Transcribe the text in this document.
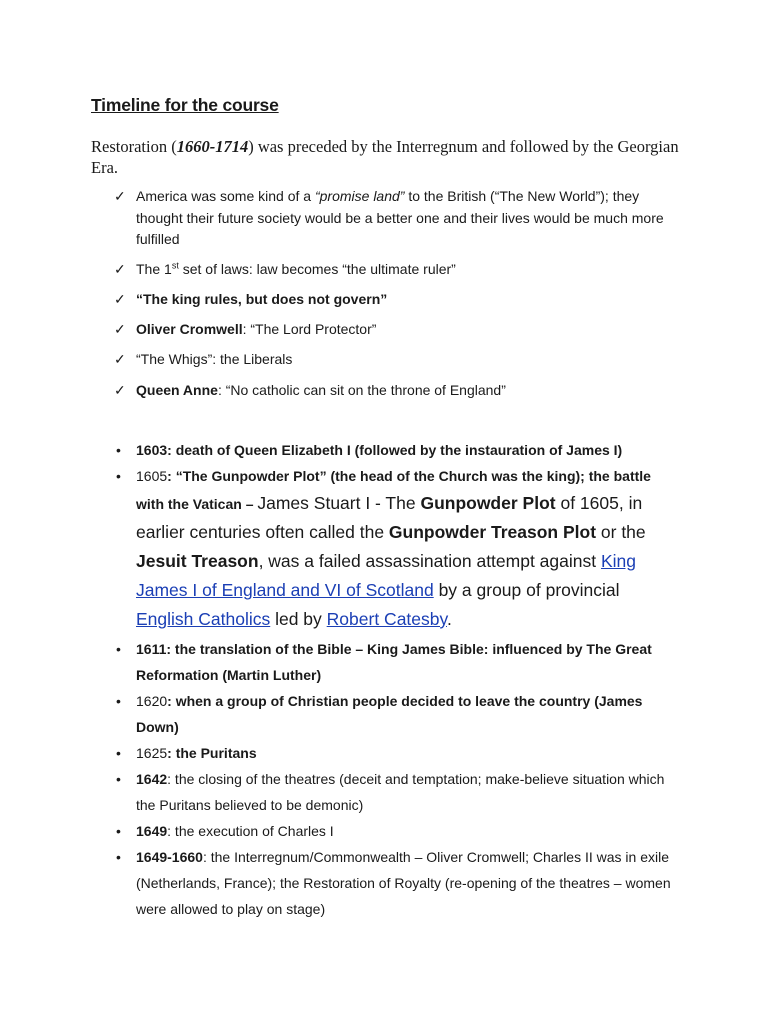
Timeline for the course
Restoration (1660-1714) was preceded by the Interregnum and followed by the Georgian Era.
✓ America was some kind of a “promise land” to the British (“The New World”); they thought their future society would be a better one and their lives would be much more fulfilled
✓ The 1st set of laws: law becomes “the ultimate ruler”
✓ “The king rules, but does not govern”
✓ Oliver Cromwell: “The Lord Protector”
✓ “The Whigs”: the Liberals
✓ Queen Anne: “No catholic can sit on the throne of England”
• 1603: death of Queen Elizabeth I (followed by the instauration of James I)
• 1605: “The Gunpowder Plot” (the head of the Church was the king); the battle with the Vatican – James Stuart I - The Gunpowder Plot of 1605, in earlier centuries often called the Gunpowder Treason Plot or the Jesuit Treason, was a failed assassination attempt against King James I of England and VI of Scotland by a group of provincial English Catholics led by Robert Catesby.
• 1611: the translation of the Bible – King James Bible: influenced by The Great Reformation (Martin Luther)
• 1620: when a group of Christian people decided to leave the country (James Down)
• 1625: the Puritans
• 1642: the closing of the theatres (deceit and temptation; make-believe situation which the Puritans believed to be demonic)
• 1649: the execution of Charles I
• 1649-1660: the Interregnum/Commonwealth – Oliver Cromwell; Charles II was in exile (Netherlands, France); the Restoration of Royalty (re-opening of the theatres – women were allowed to play on stage)
